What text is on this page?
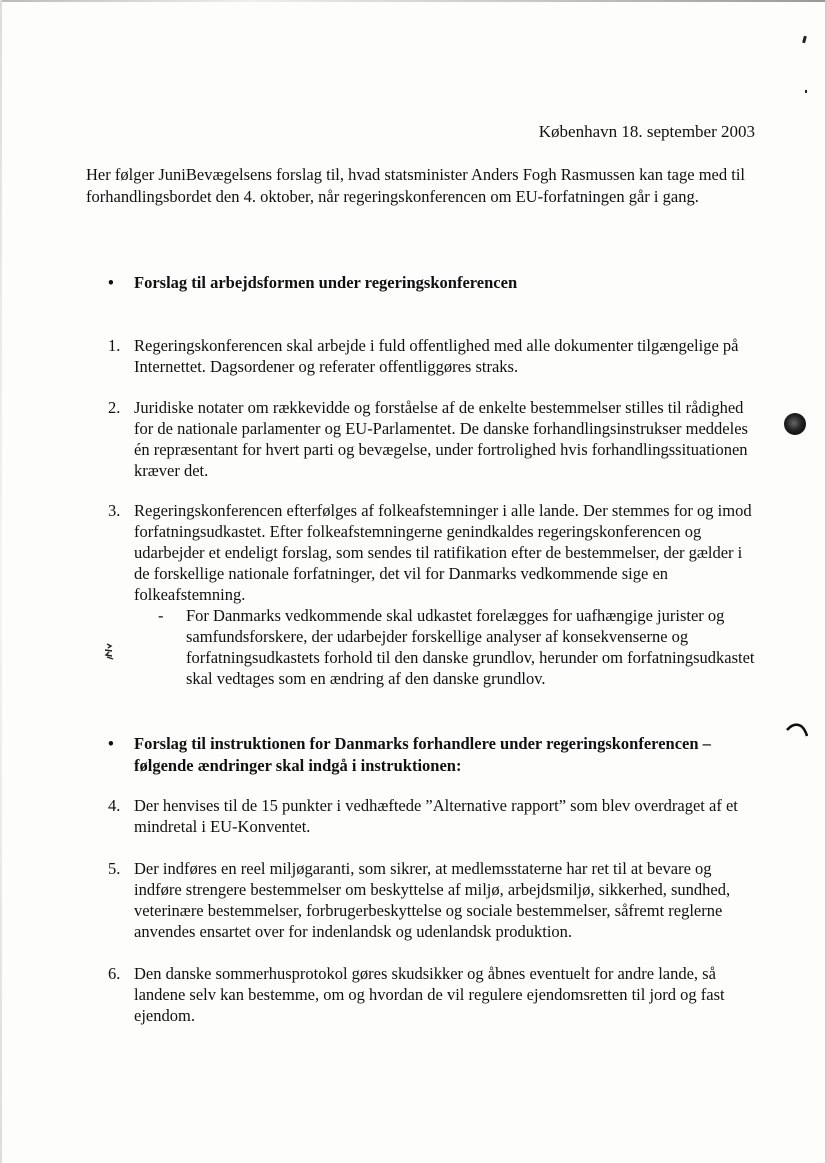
København 18. september 2003
Her følger JuniBevægelsens forslag til, hvad statsminister Anders Fogh Rasmussen kan tage med til forhandlingsbordet den 4. oktober, når regeringskonferencen om EU-forfatningen går i gang.
• Forslag til arbejdsformen under regeringskonferencen
1. Regeringskonferencen skal arbejde i fuld offentlighed med alle dokumenter tilgængelige på Internettet. Dagsordener og referater offentliggøres straks.
2. Juridiske notater om rækkevidde og forståelse af de enkelte bestemmelser stilles til rådighed for de nationale parlamenter og EU-Parlamentet. De danske forhandlingsinstrukser meddeles én repræsentant for hvert parti og bevægelse, under fortrolighed hvis forhandlingssituationen kræver det.
3. Regeringskonferencen efterfølges af folkeafstemninger i alle lande. Der stemmes for og imod forfatningsudkastet. Efter folkeafstemningerne genindkaldes regeringskonferencen og udarbejder et endeligt forslag, som sendes til ratifikation efter de bestemmelser, der gælder i de forskellige nationale forfatninger, det vil for Danmarks vedkommende sige en folkeafstemning.
- For Danmarks vedkommende skal udkastet forelægges for uafhængige jurister og samfundsforskere, der udarbejder forskellige analyser af konsekvenserne og forfatningsudkastets forhold til den danske grundlov, herunder om forfatningsudkastet skal vedtages som en ændring af den danske grundlov.
• Forslag til instruktionen for Danmarks forhandlere under regeringskonferencen – følgende ændringer skal indgå i instruktionen:
4. Der henvises til de 15 punkter i vedhæftede ”Alternative rapport” som blev overdraget af et mindretal i EU-Konventet.
5. Der indføres en reel miljøgaranti, som sikrer, at medlemsstaterne har ret til at bevare og indføre strengere bestemmelser om beskyttelse af miljø, arbejdsmiljø, sikkerhed, sundhed, veterinære bestemmelser, forbrugerbeskyttelse og sociale bestemmelser, såfremt reglerne anvendes ensartet over for indenlandsk og udenlandsk produktion.
6. Den danske sommerhusprotokol gøres skudsikker og åbnes eventuelt for andre lande, så landene selv kan bestemme, om og hvordan de vil regulere ejendomsretten til jord og fast ejendom.
